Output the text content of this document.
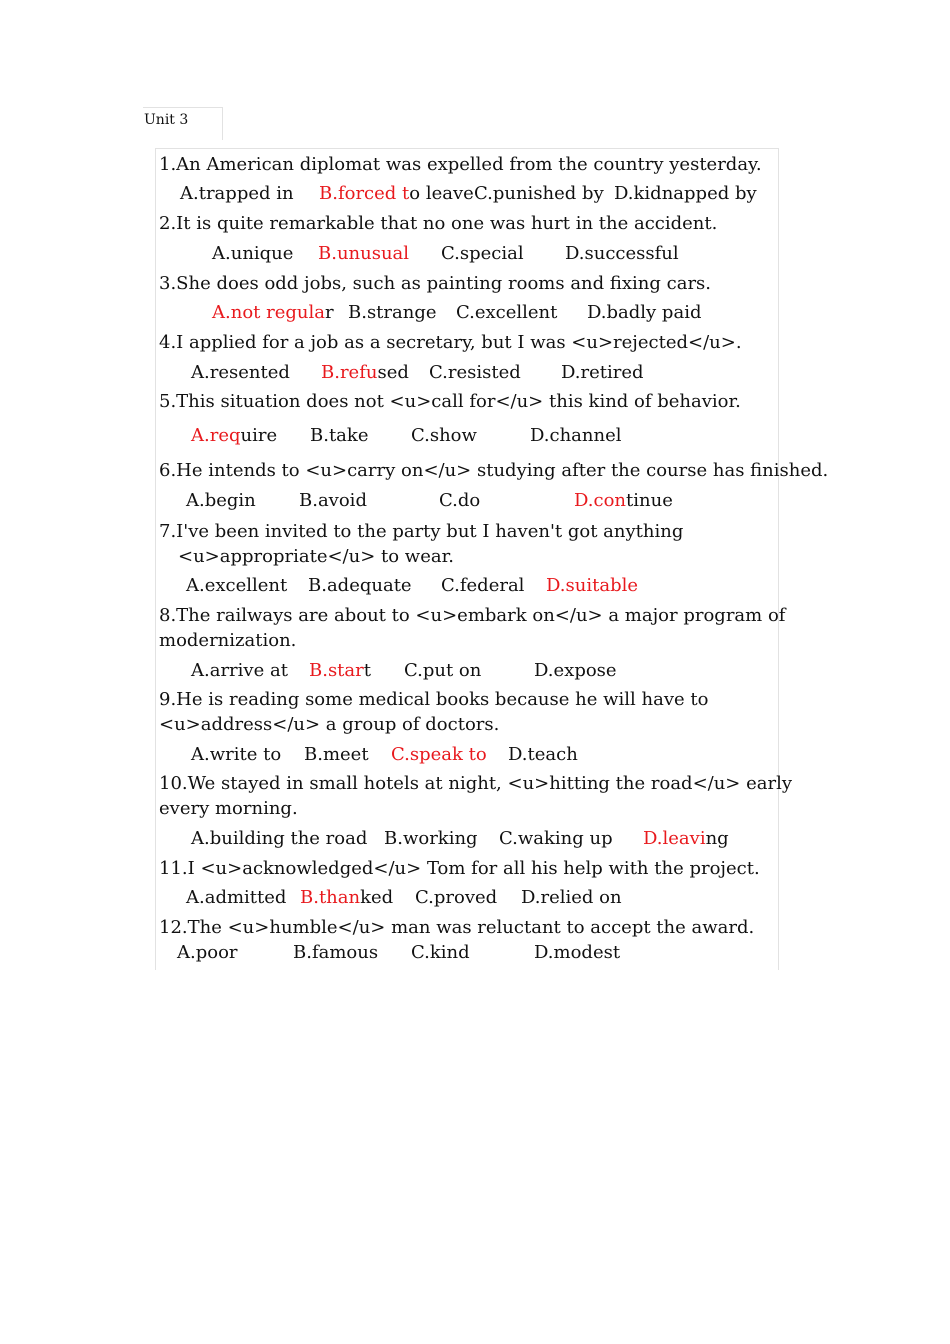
Unit 3
1.An American diplomat was expelled from the country yesterday.
A.trapped in B.forced to leave C.punished by D.kidnapped by
2.It is quite remarkable that no one was hurt in the accident.
A.unique B.unusual C.special D.successful
3.She does odd jobs, such as painting rooms and fixing cars.
A.not regular B.strange C.excellent D.badly paid
4.I applied for a job as a secretary, but I was <u>rejected</u>.
A.resented B.refused C.resisted D.retired
5.This situation does not <u>call for</u> this kind of behavior.
A.require B.take C.show	D.channel
6.He intends to <u>carry on</u> studying after the course has finished.
A.begin B.avoid	C.do	D.continue
7.I've been invited to the party but I haven't got anything
<u>appropriate</u> to wear.
A.excellent B.adequate C.federal D.suitable
8.The railways are about to <u>embark on</u> a major program of
modernization.
A.arrive at B.start C.put on	D.expose
9.He is reading some medical books because he will have to
<u>address</u> a group of doctors.
A.write to B.meet C.speak to D.teach
10.We stayed in small hotels at night, <u>hitting the road</u> early
every morning.
A.building the road B.working C.waking up D.leaving
11.I <u>acknowledged</u> Tom for all his help with the project.
A.admitted B.thanked C.proved D.relied on
12.The <u>humble</u> man was reluctant to accept the award.
A.poor	B.famous C.kind	D.modest
